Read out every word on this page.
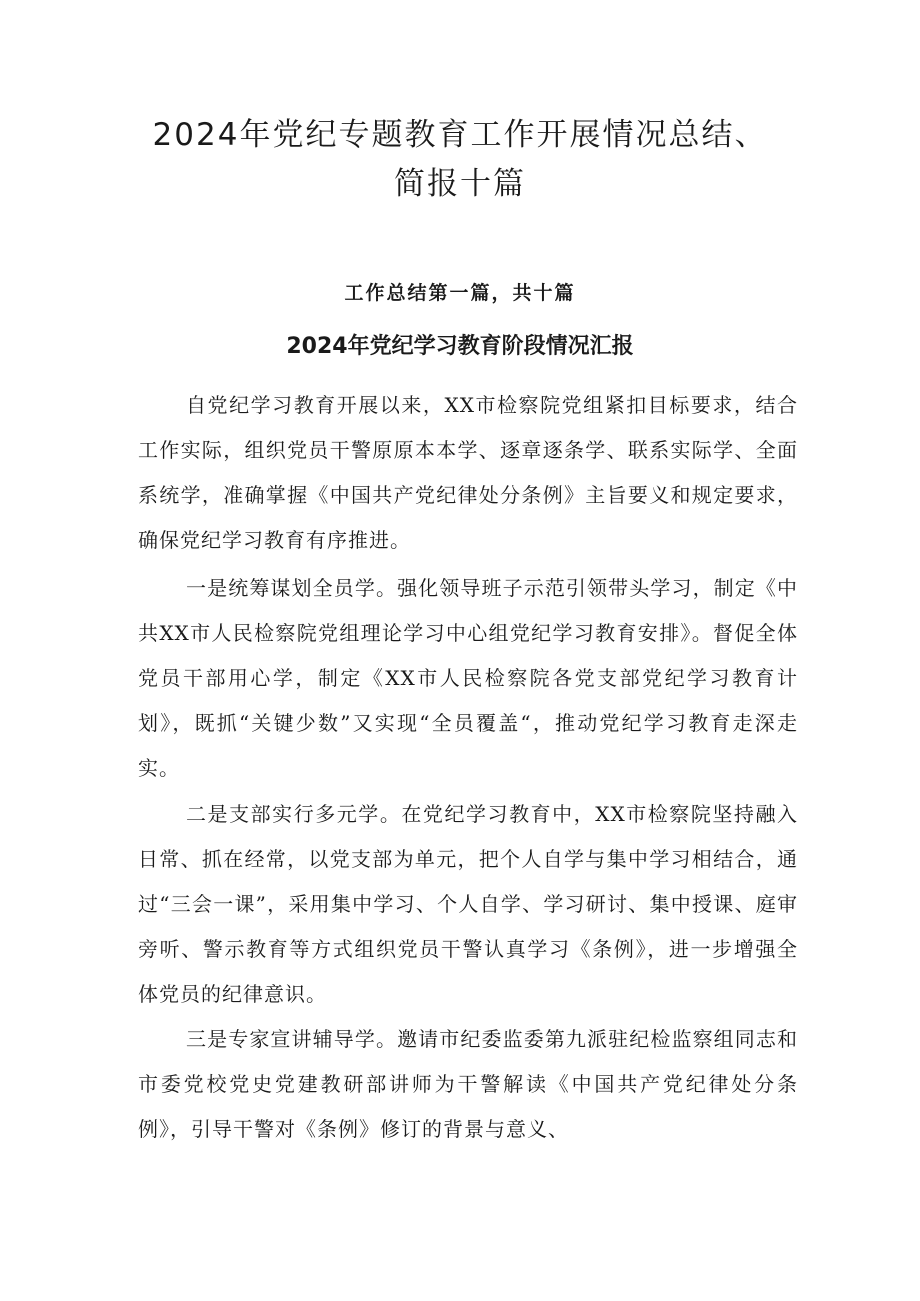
2024年党纪专题教育工作开展情况总结、
简报十篇
工作总结第一篇，共十篇
2024年党纪学习教育阶段情况汇报

自党纪学习教育开展以来，XX市检察院党组紧扣目标要求，结合工作实际，组织党员干警原原本本学、逐章逐条学、联系实际学、全面系统学，准确掌握《中国共产党纪律处分条例》主旨要义和规定要求，确保党纪学习教育有序推进。

一是统筹谋划全员学。强化领导班子示范引领带头学习，制定《中共XX市人民检察院党组理论学习中心组党纪学习教育安排》。督促全体党员干部用心学，制定《XX市人民检察院各党支部党纪学习教育计划》，既抓“关键少数”又实现“全员覆盖“，推动党纪学习教育走深走实。

二是支部实行多元学。在党纪学习教育中，XX市检察院坚持融入日常、抓在经常，以党支部为单元，把个人自学与集中学习相结合，通过“三会一课”，采用集中学习、个人自学、学习研讨、集中授课、庭审旁听、警示教育等方式组织党员干警认真学习《条例》，进一步增强全体党员的纪律意识。

三是专家宣讲辅导学。邀请市纪委监委第九派驻纪检监察组同志和市委党校党史党建教研部讲师为干警解读《中国共产党纪律处分条例》，引导干警对《条例》修订的背景与意义、
